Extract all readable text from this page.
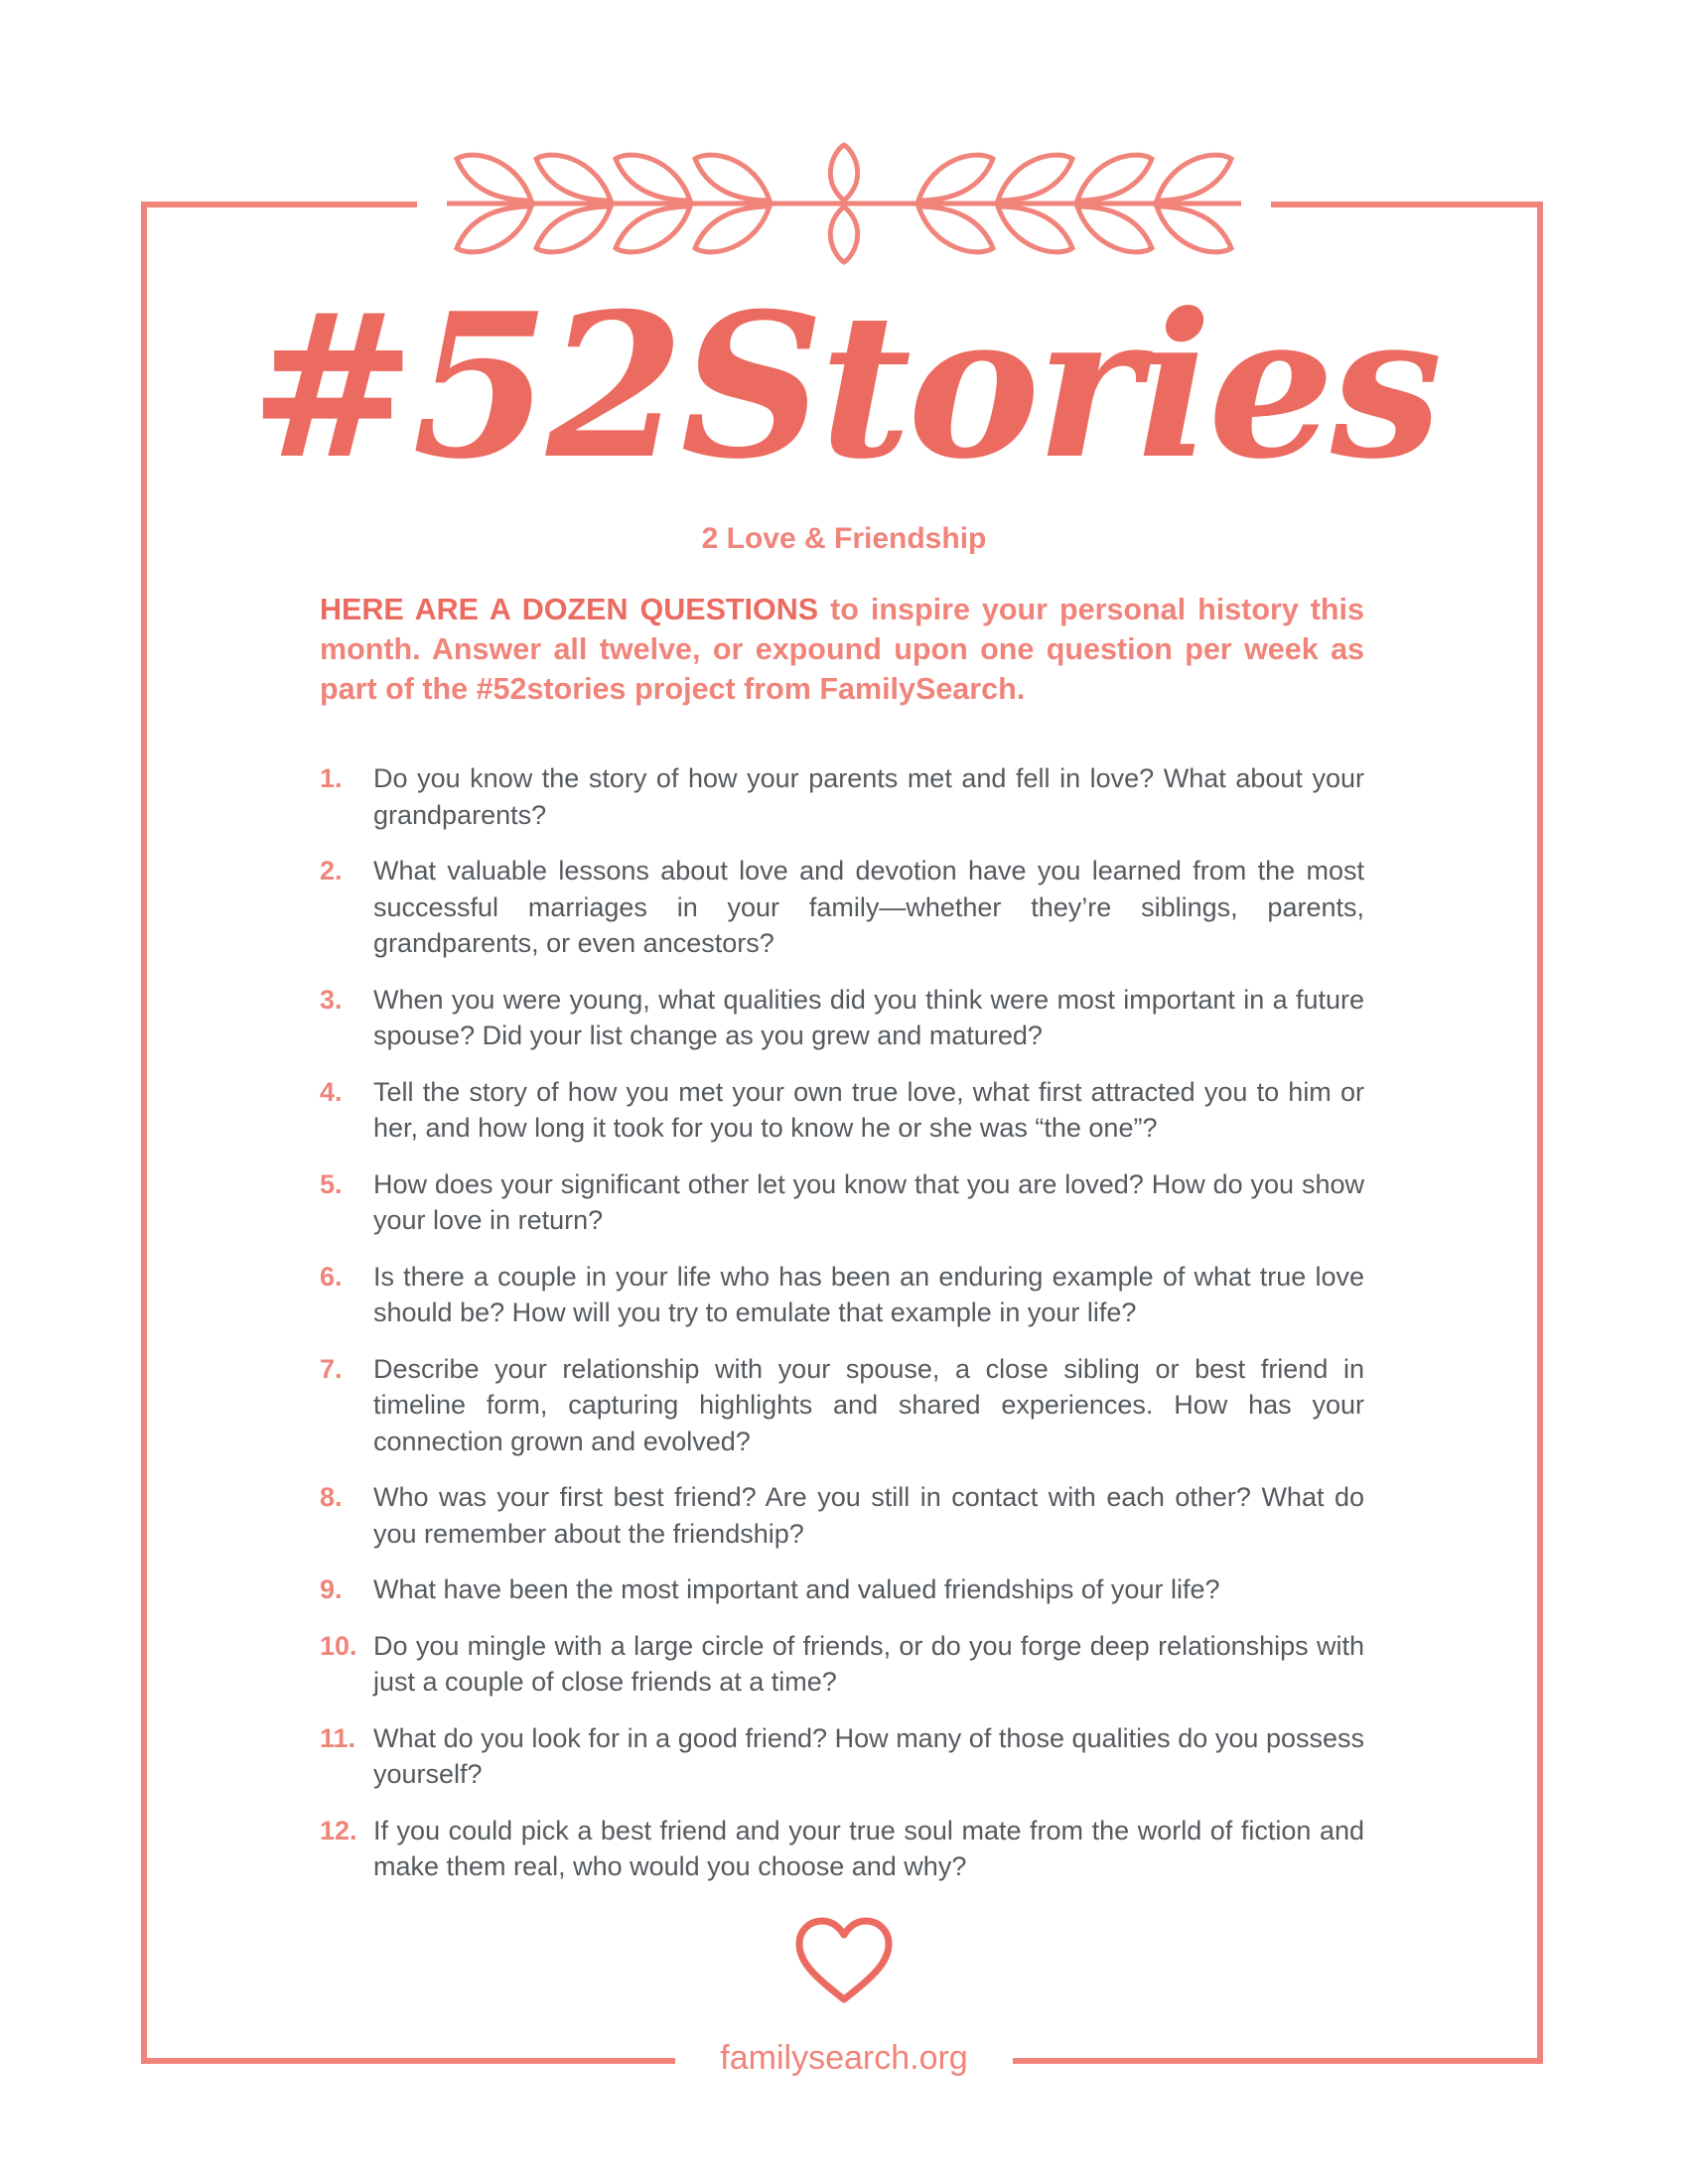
#52Stories
2 Love & Friendship
HERE ARE A DOZEN QUESTIONS to inspire your personal history this month. Answer all twelve, or expound upon one question per week as part of the #52stories project from FamilySearch.
1. Do you know the story of how your parents met and fell in love? What about your grandparents?
2. What valuable lessons about love and devotion have you learned from the most successful marriages in your family—whether they’re siblings, parents, grandparents, or even ancestors?
3. When you were young, what qualities did you think were most important in a future spouse? Did your list change as you grew and matured?
4. Tell the story of how you met your own true love, what first attracted you to him or her, and how long it took for you to know he or she was “the one”?
5. How does your significant other let you know that you are loved? How do you show your love in return?
6. Is there a couple in your life who has been an enduring example of what true love should be? How will you try to emulate that example in your life?
7. Describe your relationship with your spouse, a close sibling or best friend in timeline form, capturing highlights and shared experiences. How has your connection grown and evolved?
8. Who was your first best friend? Are you still in contact with each other? What do you remember about the friendship?
9. What have been the most important and valued friendships of your life?
10. Do you mingle with a large circle of friends, or do you forge deep relationships with just a couple of close friends at a time?
11. What do you look for in a good friend? How many of those qualities do you possess yourself?
12. If you could pick a best friend and your true soul mate from the world of fiction and make them real, who would you choose and why?
familysearch.org
